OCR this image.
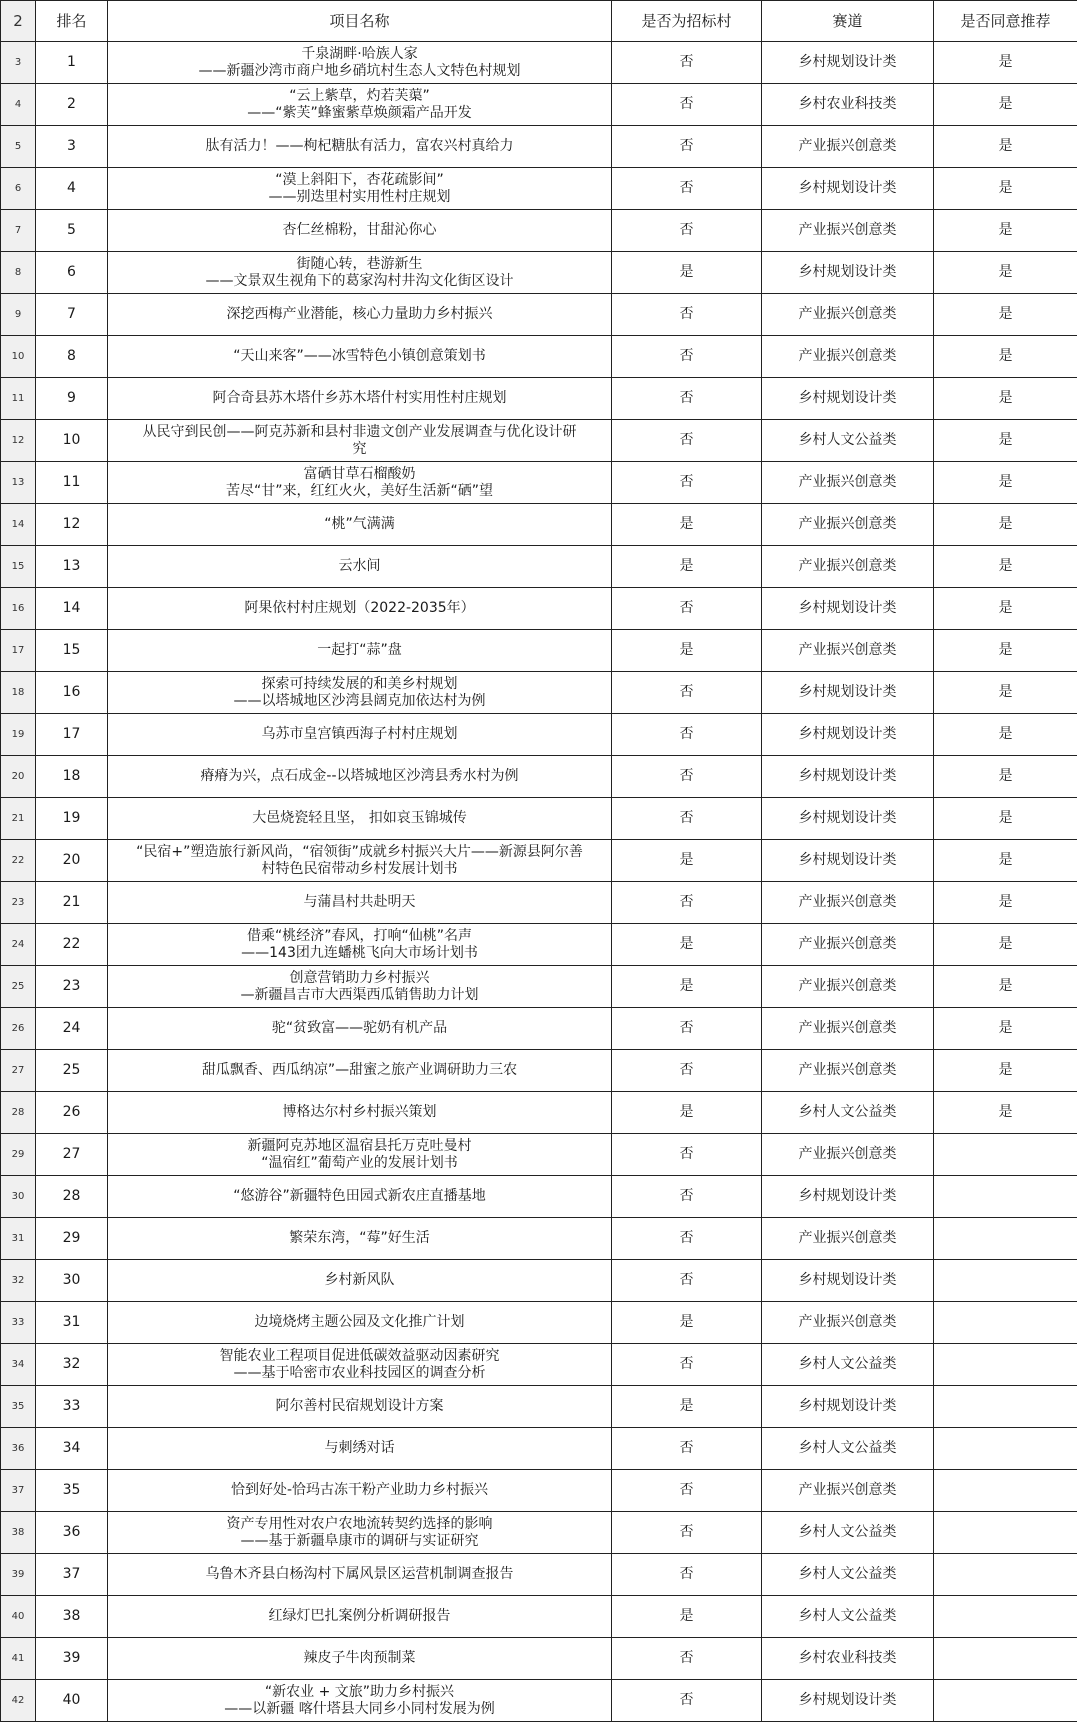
2	排名	项目名称	是否为招标村	赛道	是否同意推荐
3	1	千泉湖畔·哈族人家
——新疆沙湾市商户地乡硝坑村生态人文特色村规划	否	乡村规划设计类	是
4	2	“云上紫草，灼若芙蕖”
——“紫芙”蜂蜜紫草焕颜霜产品开发	否	乡村农业科技类	是
5	3	肽有活力！——枸杞糖肽有活力，富农兴村真给力	否	产业振兴创意类	是
6	4	“漠上斜阳下，杏花疏影间”
——别迭里村实用性村庄规划	否	乡村规划设计类	是
7	5	杏仁丝棉粉，甘甜沁你心	否	产业振兴创意类	是
8	6	街随心转，巷游新生
——文景双生视角下的葛家沟村井沟文化街区设计	是	乡村规划设计类	是
9	7	深挖西梅产业潜能，核心力量助力乡村振兴	否	产业振兴创意类	是
10	8	“天山来客”——冰雪特色小镇创意策划书	否	产业振兴创意类	是
11	9	阿合奇县苏木塔什乡苏木塔什村实用性村庄规划	否	乡村规划设计类	是
12	10	从民守到民创——阿克苏新和县村非遗文创产业发展调查与优化设计研
究	否	乡村人文公益类	是
13	11	富硒甘草石榴酸奶
苦尽“甘”来，红红火火，美好生活新“硒”望	否	产业振兴创意类	是
14	12	“桃”气满满	是	产业振兴创意类	是
15	13	云水间	是	产业振兴创意类	是
16	14	阿果依村村庄规划（2022-2035年）	否	乡村规划设计类	是
17	15	一起打“蒜”盘	是	产业振兴创意类	是
18	16	探索可持续发展的和美乡村规划
——以塔城地区沙湾县阔克加依达村为例	否	乡村规划设计类	是
19	17	乌苏市皇宫镇西海子村村庄规划	否	乡村规划设计类	是
20	18	瘠瘠为兴，点石成金--以塔城地区沙湾县秀水村为例	否	乡村规划设计类	是
21	19	大邑烧瓷轻且坚， 扣如哀玉锦城传	否	乡村规划设计类	是
22	20	“民宿+”塑造旅行新风尚，“宿领街”成就乡村振兴大片——新源县阿尔善
村特色民宿带动乡村发展计划书	是	乡村规划设计类	是
23	21	与蒲昌村共赴明天	否	产业振兴创意类	是
24	22	借乘“桃经济”春风，打响“仙桃”名声
——143团九连蟠桃飞向大市场计划书	是	产业振兴创意类	是
25	23	创意营销助力乡村振兴
—新疆昌吉市大西渠西瓜销售助力计划	是	产业振兴创意类	是
26	24	驼“贫致富——驼奶有机产品	否	产业振兴创意类	是
27	25	甜瓜飘香、西瓜纳凉”—甜蜜之旅产业调研助力三农	否	产业振兴创意类	是
28	26	博格达尔村乡村振兴策划	是	乡村人文公益类	是
29	27	新疆阿克苏地区温宿县托万克吐曼村
“温宿红”葡萄产业的发展计划书	否	产业振兴创意类	
30	28	“悠游谷”新疆特色田园式新农庄直播基地	否	乡村规划设计类	
31	29	繁荣东湾，“莓”好生活	否	产业振兴创意类	
32	30	乡村新风队	否	乡村规划设计类	
33	31	边境烧烤主题公园及文化推广计划	是	产业振兴创意类	
34	32	智能农业工程项目促进低碳效益驱动因素研究
——基于哈密市农业科技园区的调查分析	否	乡村人文公益类	
35	33	阿尔善村民宿规划设计方案	是	乡村规划设计类	
36	34	与刺绣对话	否	乡村人文公益类	
37	35	恰到好处-恰玛古冻干粉产业助力乡村振兴	否	产业振兴创意类	
38	36	资产专用性对农户农地流转契约选择的影响
——基于新疆阜康市的调研与实证研究	否	乡村人文公益类	
39	37	乌鲁木齐县白杨沟村下属风景区运营机制调查报告	否	乡村人文公益类	
40	38	红绿灯巴扎案例分析调研报告	是	乡村人文公益类	
41	39	辣皮子牛肉预制菜	否	乡村农业科技类	
42	40	“新农业 + 文旅”助力乡村振兴
——以新疆 喀什塔县大同乡小同村发展为例	否	乡村规划设计类	
